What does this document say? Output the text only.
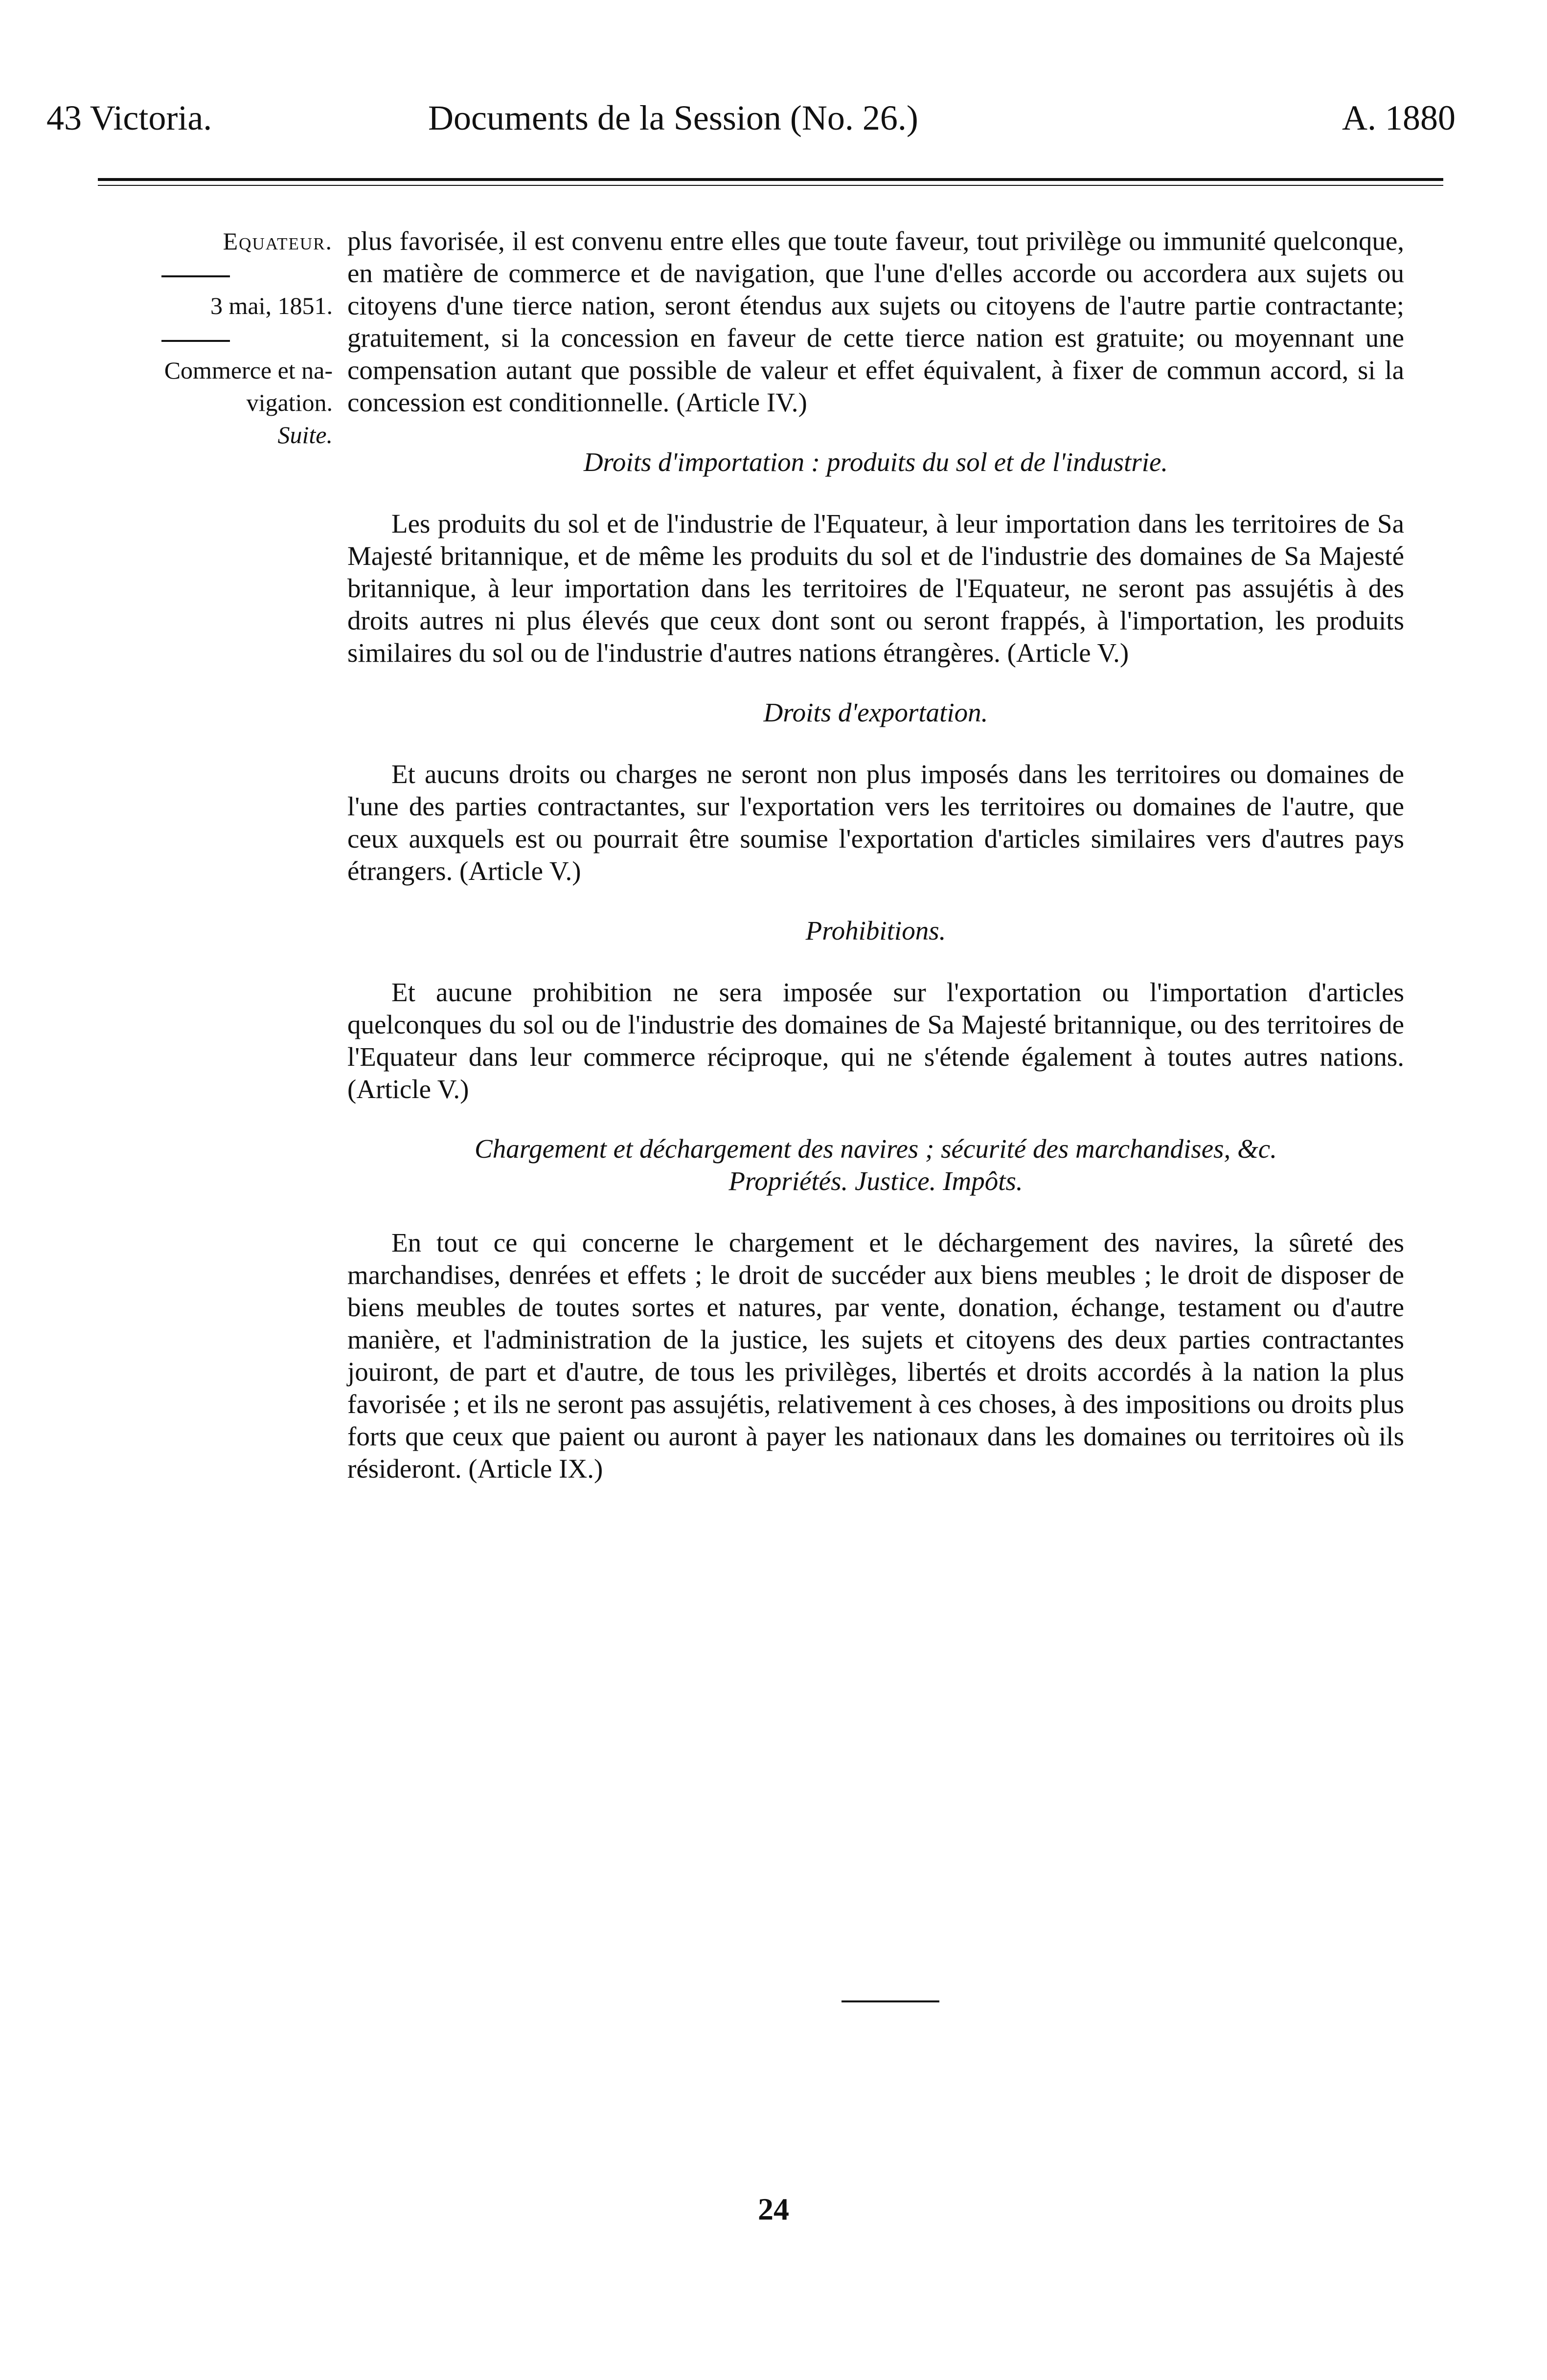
43 Victoria.	Documents de la Session (No. 26.)	A. 1880
Equateur.
3 mai, 1851.
Commerce et na-
vigation.
Suite.

plus favorisée, il est convenu entre elles que toute faveur, tout privilège ou immunité quelconque, en matière de commerce et de navigation, que l'une d'elles accorde ou accordera aux sujets ou citoyens d'une tierce nation, seront étendus aux sujets ou citoyens de l'autre partie contractante; gratuitement, si la concession en faveur de cette tierce nation est gratuite; ou moyennant une compensation autant que possible de valeur et effet équivalent, à fixer de commun accord, si la concession est conditionnelle. (Article IV.)

Droits d'importation : produits du sol et de l'industrie.

Les produits du sol et de l'industrie de l'Equateur, à leur importation dans les territoires de Sa Majesté britannique, et de même les produits du sol et de l'industrie des domaines de Sa Majesté britannique, à leur importation dans les territoires de l'Equateur, ne seront pas assujétis à des droits autres ni plus élevés que ceux dont sont ou seront frappés, à l'importation, les produits similaires du sol ou de l'industrie d'autres nations étrangères. (Article V.)

Droits d'exportation.

Et aucuns droits ou charges ne seront non plus imposés dans les territoires ou domaines de l'une des parties contractantes, sur l'exportation vers les territoires ou domaines de l'autre, que ceux auxquels est ou pourrait être soumise l'exportation d'articles similaires vers d'autres pays étrangers. (Article V.)

Prohibitions.

Et aucune prohibition ne sera imposée sur l'exportation ou l'importation d'articles quelconques du sol ou de l'industrie des domaines de Sa Majesté britannique, ou des territoires de l'Equateur dans leur commerce réciproque, qui ne s'étende également à toutes autres nations. (Article V.)

Chargement et déchargement des navires ; sécurité des marchandises, &c.
Propriétés. Justice. Impôts.

En tout ce qui concerne le chargement et le déchargement des navires, la sûreté des marchandises, denrées et effets ; le droit de succéder aux biens meubles ; le droit de disposer de biens meubles de toutes sortes et natures, par vente, donation, échange, testament ou d'autre manière, et l'administration de la justice, les sujets et citoyens des deux parties contractantes jouiront, de part et d'autre, de tous les privilèges, libertés et droits accordés à la nation la plus favorisée ; et ils ne seront pas assujétis, relativement à ces choses, à des impositions ou droits plus forts que ceux que paient ou auront à payer les nationaux dans les domaines ou territoires où ils résideront. (Article IX.)

24
